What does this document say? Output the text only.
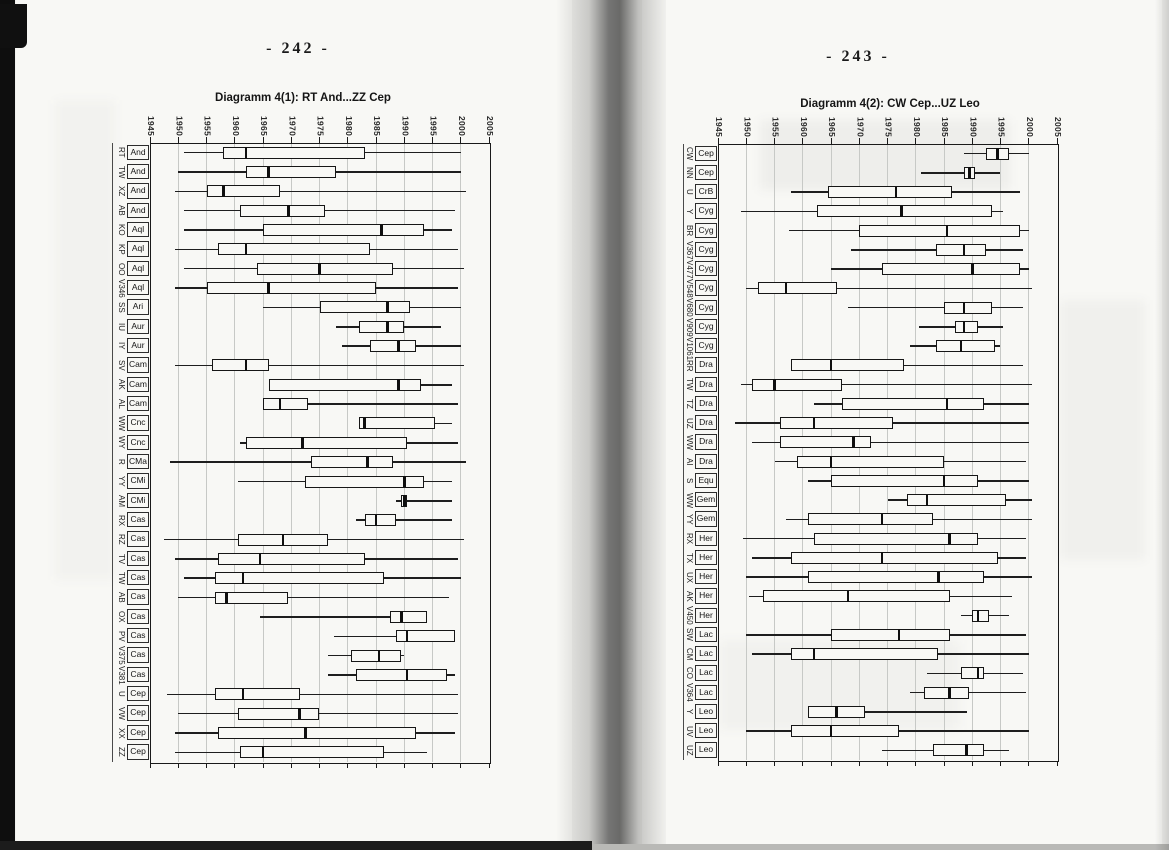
- 242 -	- 243 -
Diagramm 4(1): RT And...ZZ Cep	Diagramm 4(2): CW Cep...UZ Leo
1945 1950 1955 1960 1965 1970 1975 1980 1985 1990 1995 2000 2005
RT And
TW And
XZ And
AB And
KO Aql
KP Aql
OO Aql
V346 Aql
SS Ari
IU Aur
IY Aur
SV Cam
AK Cam
AL Cam
WW Cnc
WY Cnc
R CMa
YY CMi
AM CMi
RX Cas
RZ Cas
TV Cas
TW Cas
AB Cas
OX Cas
PV Cas
V375 Cas
V381 Cas
U Cep
VW Cep
XX Cep
ZZ Cep
1945 1950 1955 1960 1965 1970 1975 1980 1985 1990 1995 2000 2005
CW Cep
NN Cep
U CrB
Y Cyg
BR Cyg
V367 Cyg
V477 Cyg
V548 Cyg
V680 Cyg
V909 Cyg
V1061 Cyg
RR Dra
TW Dra
TZ Dra
UZ Dra
WW Dra
AI Dra
S Equ
WW Gem
YY Gem
RX Her
TX Her
UX Her
AK Her
V450 Her
SW Lac
CM Lac
CO Lac
V364 Lac
Y Leo
UV Leo
UZ Leo
